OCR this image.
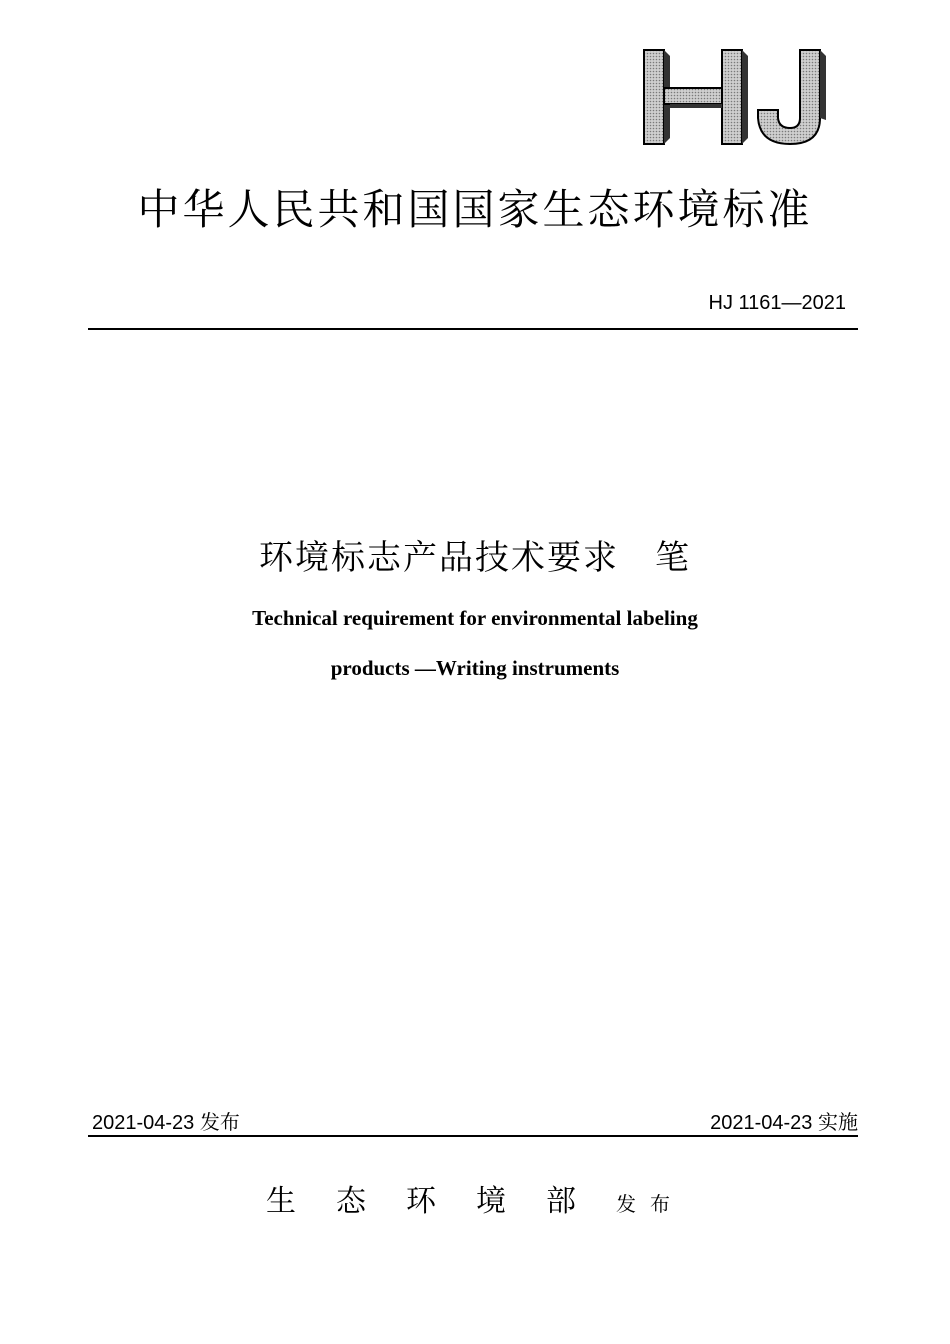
HJ
中华人民共和国国家生态环境标准
HJ 1161—2021
环境标志产品技术要求　笔
Technical requirement for environmental labeling
products —Writing instruments
2021-04-23 发布	2021-04-23 实施
生态环境部发布
